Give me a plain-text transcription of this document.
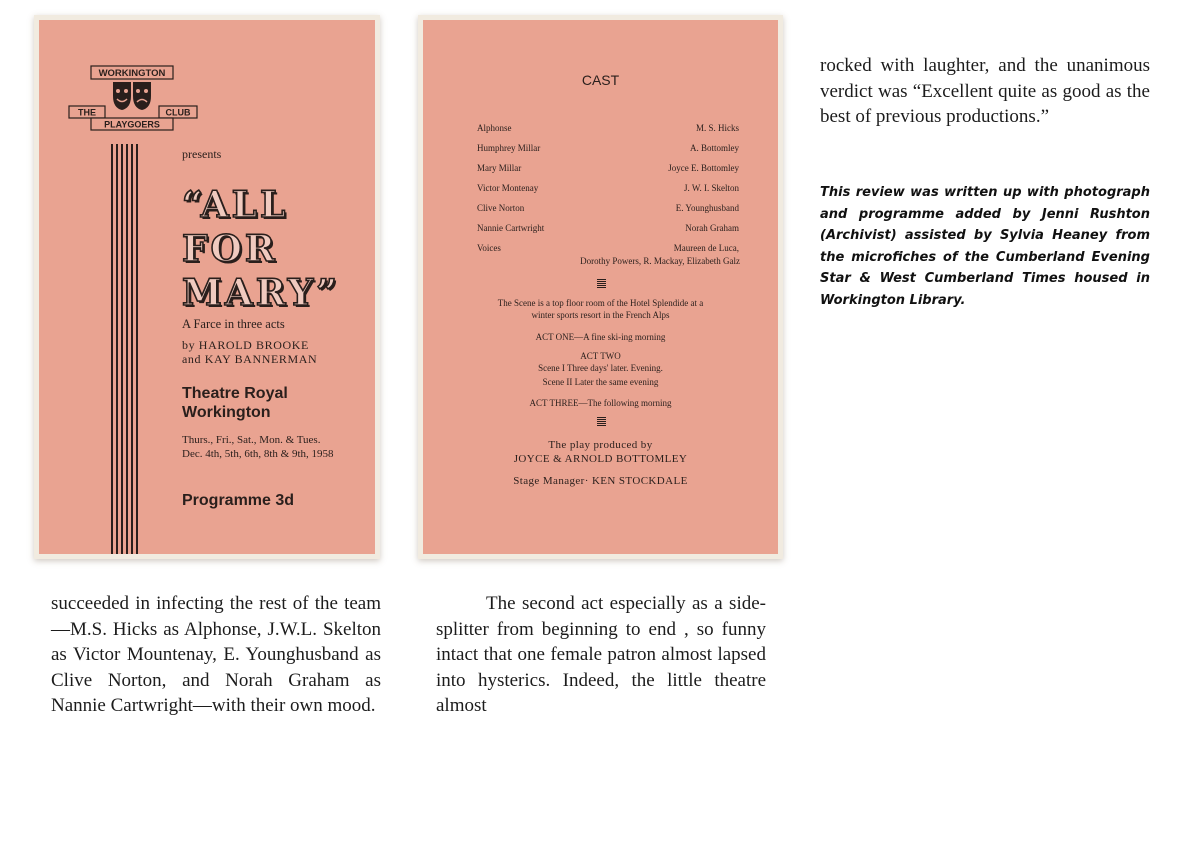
WORKINGTON
THE	CLUB
PLAYGOERS
presents
“ALL
FOR
MARY”
A Farce in three acts
by HAROLD BROOKE
and KAY BANNERMAN
Theatre Royal
Workington
Thurs., Fri., Sat., Mon. & Tues.
Dec. 4th, 5th, 6th, 8th & 9th, 1958
Programme 3d
CAST
Alphonse	M. S. Hicks
Humphrey Millar	A. Bottomley
Mary Millar	Joyce E. Bottomley
Victor Montenay	J. W. I. Skelton
Clive Norton	E. Younghusband
Nannie Cartwright	Norah Graham
Voices	Maureen de Luca,
Dorothy Powers, R. Mackay, Elizabeth Galz
The Scene is a top floor room of the Hotel Splendide at a
winter sports resort in the French Alps
ACT ONE—A fine ski-ing morning
ACT TWO
Scene I Three days' later. Evening.
Scene II Later the same evening
ACT THREE—The following morning
The play produced by
JOYCE & ARNOLD BOTTOMLEY
Stage Manager· KEN STOCKDALE

succeeded in infecting the rest of the team—M.S. Hicks as Alphonse, J.W.L. Skelton as Victor Mountenay, E. Younghusband as Clive Norton, and Norah Graham as Nannie Cartwright—with their own mood.

The second act especially as a side-splitter from beginning to end , so funny intact that one female patron almost lapsed into hysterics. Indeed, the little theatre almost

rocked with laughter, and the unanimous verdict was “Excellent quite as good as the best of previous productions.”

This review was written up with photograph and programme added by Jenni Rushton (Archivist) assisted by Sylvia Heaney from the microfiches of the Cumberland Evening Star & West Cumberland Times housed in Workington Library.
